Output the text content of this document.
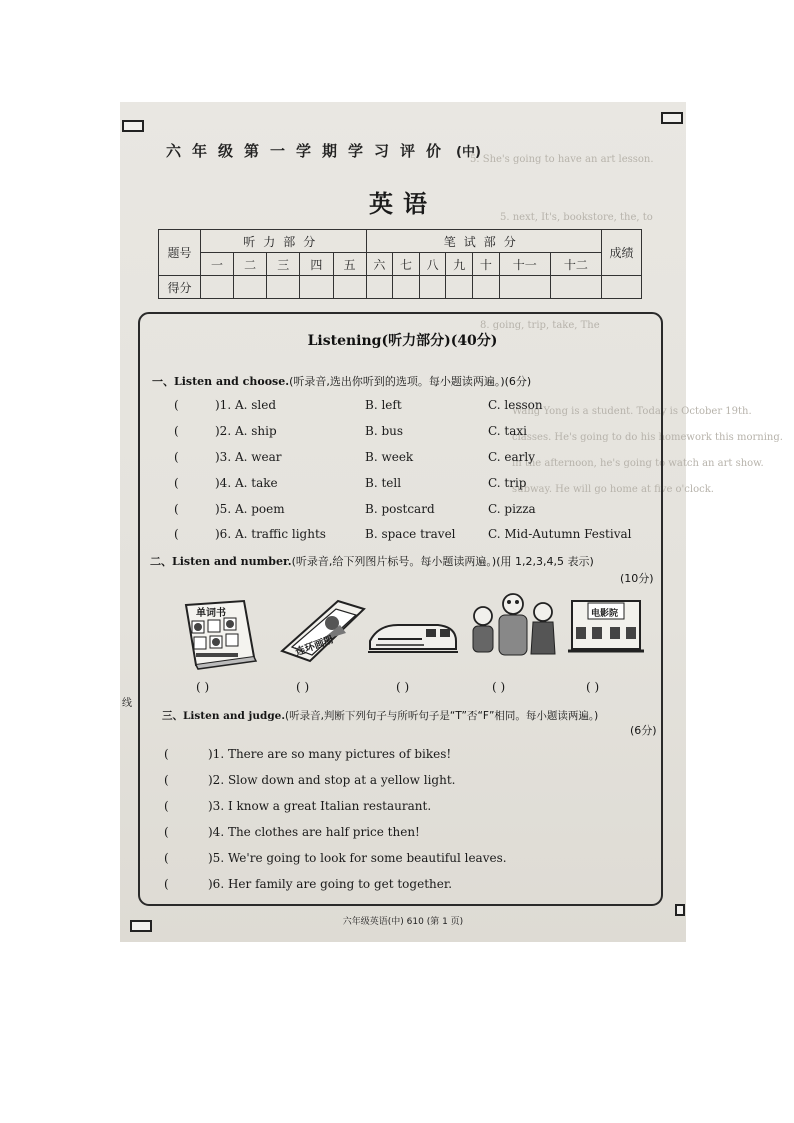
5. She's going to have an art lesson.
5. next, It's, bookstore, the, to
8. going, trip, take, The
Wang Yong is a student. Today is October 19th.
classes. He's going to do his homework this morning.
in the afternoon, he's going to watch an art show.
subway. He will go home at five o'clock.
线
六年级第一学期学习评价 (中)
英语
题号	听力部分					笔试部分							成绩
	一	二	三	四	五	六	七	八	九	十	十一	十二	
得分													
Listening(听力部分)(40分)
一、Listen and choose.(听录音,选出你听到的选项。每小题读两遍。)(6分)
(	)1. A. sled	B. left	C. lesson
(	)2. A. ship	B. bus	C. taxi
(	)3. A. wear	B. week	C. early
(	)4. A. take	B. tell	C. trip
(	)5. A. poem	B. postcard	C. pizza
(	)6. A. traffic lights	B. space travel	C. Mid-Autumn Festival
二、Listen and number.(听录音,给下列图片标号。每小题读两遍。)(用 1,2,3,4,5 表示)
(10分)
单词书
连环画册
电影院
( )	( )	( )	( )	( )
三、Listen and judge.(听录音,判断下列句子与所听句子是“T”否“F”相同。每小题读两遍。)
(6分)
(	)1. There are so many pictures of bikes!
(	)2. Slow down and stop at a yellow light.
(	)3. I know a great Italian restaurant.
(	)4. The clothes are half price then!
(	)5. We're going to look for some beautiful leaves.
(	)6. Her family are going to get together.
六年级英语(中) 610 (第 1 页)
